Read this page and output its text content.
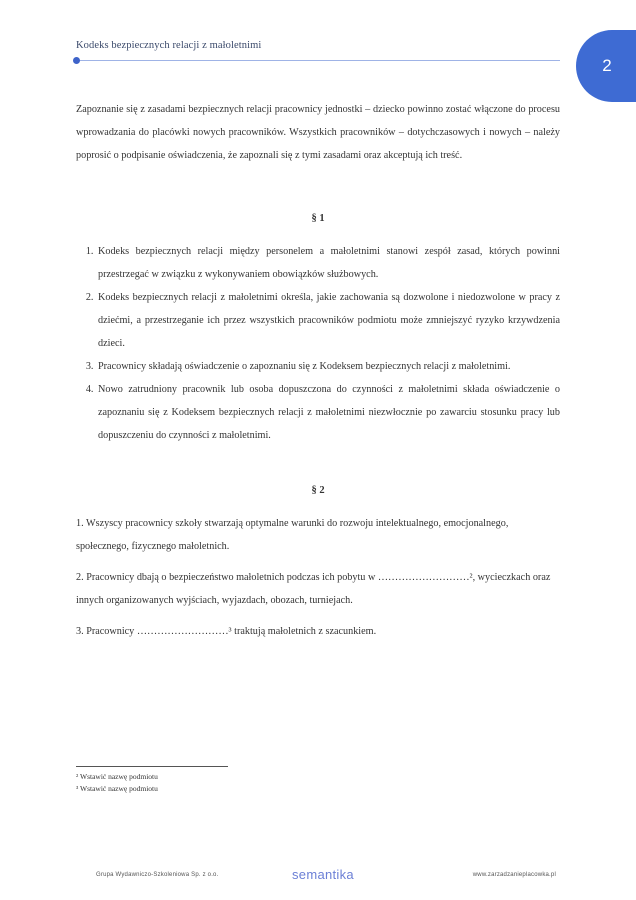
Kodeks bezpiecznych relacji z małoletnimi
2

Zapoznanie się z zasadami bezpiecznych relacji pracownicy jednostki – dziecko powinno zostać włączone do procesu wprowadzania do placówki nowych pracowników. Wszystkich pracowników – dotychczasowych i nowych – należy poprosić o podpisanie oświadczenia, że zapoznali się z tymi zasadami oraz akceptują ich treść.

§ 1
1. Kodeks bezpiecznych relacji między personelem a małoletnimi stanowi zespół zasad, których powinni przestrzegać w związku z wykonywaniem obowiązków służbowych.
2. Kodeks bezpiecznych relacji z małoletnimi określa, jakie zachowania są dozwolone i niedozwolone w pracy z dziećmi, a przestrzeganie ich przez wszystkich pracowników podmiotu może zmniejszyć ryzyko krzywdzenia dzieci.
3. Pracownicy składają oświadczenie o zapoznaniu się z Kodeksem bezpiecznych relacji z małoletnimi.
4. Nowo zatrudniony pracownik lub osoba dopuszczona do czynności z małoletnimi składa oświadczenie o zapoznaniu się z Kodeksem bezpiecznych relacji z małoletnimi niezwłocznie po zawarciu stosunku pracy lub dopuszczeniu do czynności z małoletnimi.
§ 2

1. Wszyscy pracownicy szkoły stwarzają optymalne warunki do rozwoju intelektualnego, emocjonalnego, społecznego, fizycznego małoletnich.

2. Pracownicy dbają o bezpieczeństwo małoletnich podczas ich pobytu w ………………………², wycieczkach oraz innych organizowanych wyjściach, wyjazdach, obozach, turniejach.

3. Pracownicy ………………………³ traktują małoletnich z szacunkiem.

² Wstawić nazwę podmiotu
³ Wstawić nazwę podmiotu
Grupa Wydawniczo-Szkoleniowa Sp. z o.o.	semantika	www.zarzadzanieplacowka.pl
